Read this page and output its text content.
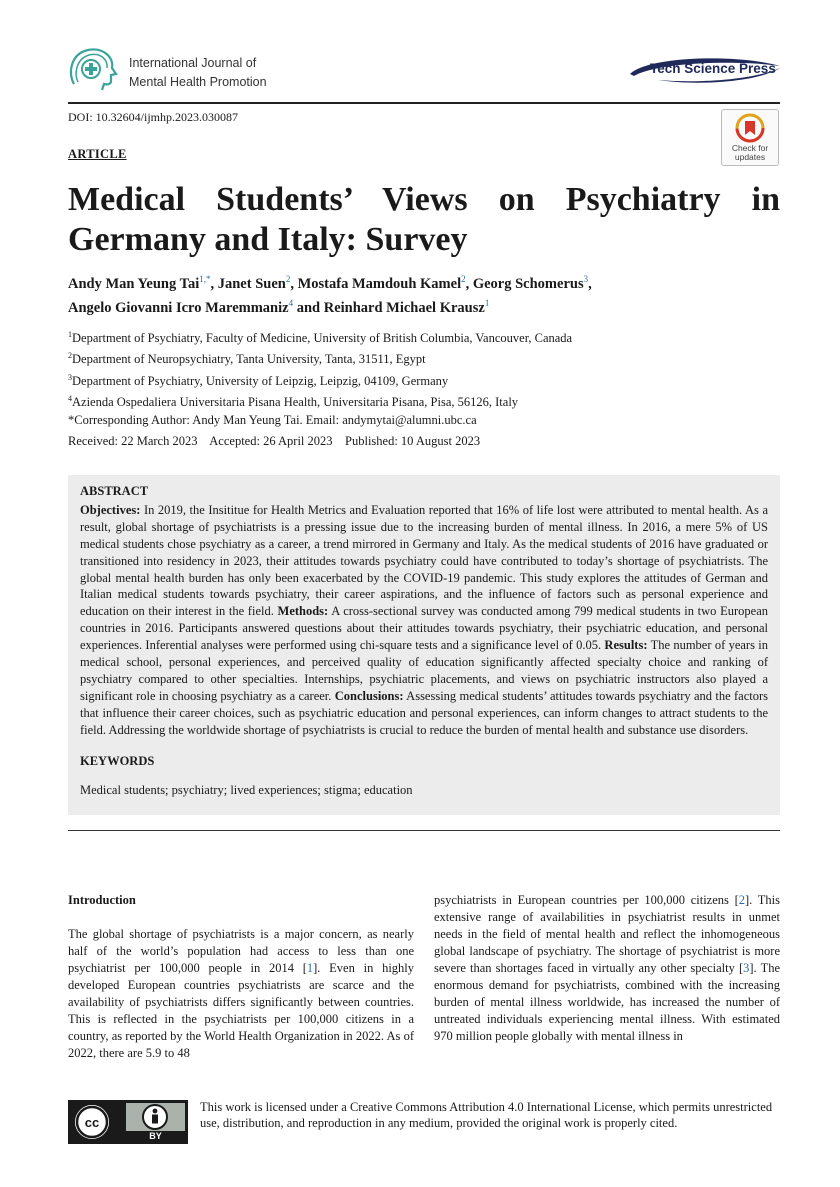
International Journal of
Mental Health Promotion
Tech Science Press
DOI: 10.32604/ijmhp.2023.030087
Check for
updates
ARTICLE
Medical Students’ Views on Psychiatry in Germany and Italy: Survey
Andy Man Yeung Tai$^{1,*}$, Janet Suen$^2$, Mostafa Mamdouh Kamel$^2$, Georg Schomerus$^3$,
Angelo Giovanni Icro Maremmaniz$^4$ and Reinhard Michael Krausz$^1$
$^1$Department of Psychiatry, Faculty of Medicine, University of British Columbia, Vancouver, Canada
$^2$Department of Neuropsychiatry, Tanta University, Tanta, 31511, Egypt
$^3$Department of Psychiatry, University of Leipzig, Leipzig, 04109, Germany
$^4$Azienda Ospedaliera Universitaria Pisana Health, Universitaria Pisana, Pisa, 56126, Italy
*Corresponding Author: Andy Man Yeung Tai. Email: andymytai@alumni.ubc.ca
Received: 22 March 2023    Accepted: 26 April 2023    Published: 10 August 2023
ABSTRACT

Objectives: In 2019, the Insititue for Health Metrics and Evaluation reported that 16% of life lost were attributed to mental health. As a result, global shortage of psychiatrists is a pressing issue due to the increasing burden of mental illness. In 2016, a mere 5% of US medical students chose psychiatry as a career, a trend mirrored in Germany and Italy. As the medical students of 2016 have graduated or transitioned into residency in 2023, their attitudes towards psychiatry could have contributed to today’s shortage of psychiatrists. The global mental health burden has only been exacerbated by the COVID-19 pandemic. This study explores the attitudes of German and Italian medical students towards psychiatry, their career aspirations, and the influence of factors such as personal experience and education on their interest in the field. Methods: A cross-sectional survey was conducted among 799 medical students in two European countries in 2016. Participants answered questions about their attitudes towards psychiatry, their psychiatric education, and personal experiences. Inferential analyses were performed using chi-square tests and a significance level of 0.05. Results: The number of years in medical school, personal experiences, and perceived quality of education significantly affected specialty choice and ranking of psychiatry compared to other specialties. Internships, psychiatric placements, and views on psychiatric instructors also played a significant role in choosing psychiatry as a career. Conclusions: Assessing medical students’ attitudes towards psychiatry and the factors that influence their career choices, such as psychiatric education and personal experiences, can inform changes to attract students to the field. Addressing the worldwide shortage of psychiatrists is crucial to reduce the burden of mental health and substance use disorders.

KEYWORDS
Medical students; psychiatry; lived experiences; stigma; education
Introduction
The global shortage of psychiatrists is a major concern, as nearly half of the world’s population had access to less than one psychiatrist per 100,000 people in 2014 [1]. Even in highly developed European countries psychiatrists are scarce and the availability of psychiatrists differs significantly between countries. This is reflected in the psychiatrists per 100,000 citizens in a country, as reported by the World Health Organization in 2022. As of 2022, there are 5.9 to 48
psychiatrists in European countries per 100,000 citizens [2]. This extensive range of availabilities in psychiatrist results in unmet needs in the field of mental health and reflect the inhomogeneous global landscape of psychiatry. The shortage of psychiatrist is more severe than shortages faced in virtually any other specialty [3]. The enormous demand for psychiatrists, combined with the increasing burden of mental illness worldwide, has increased the number of untreated individuals experiencing mental illness. With estimated 970 million people globally with mental illness in
cc
BY
This work is licensed under a Creative Commons Attribution 4.0 International License, which permits unrestricted use, distribution, and reproduction in any medium, provided the original work is properly cited.
